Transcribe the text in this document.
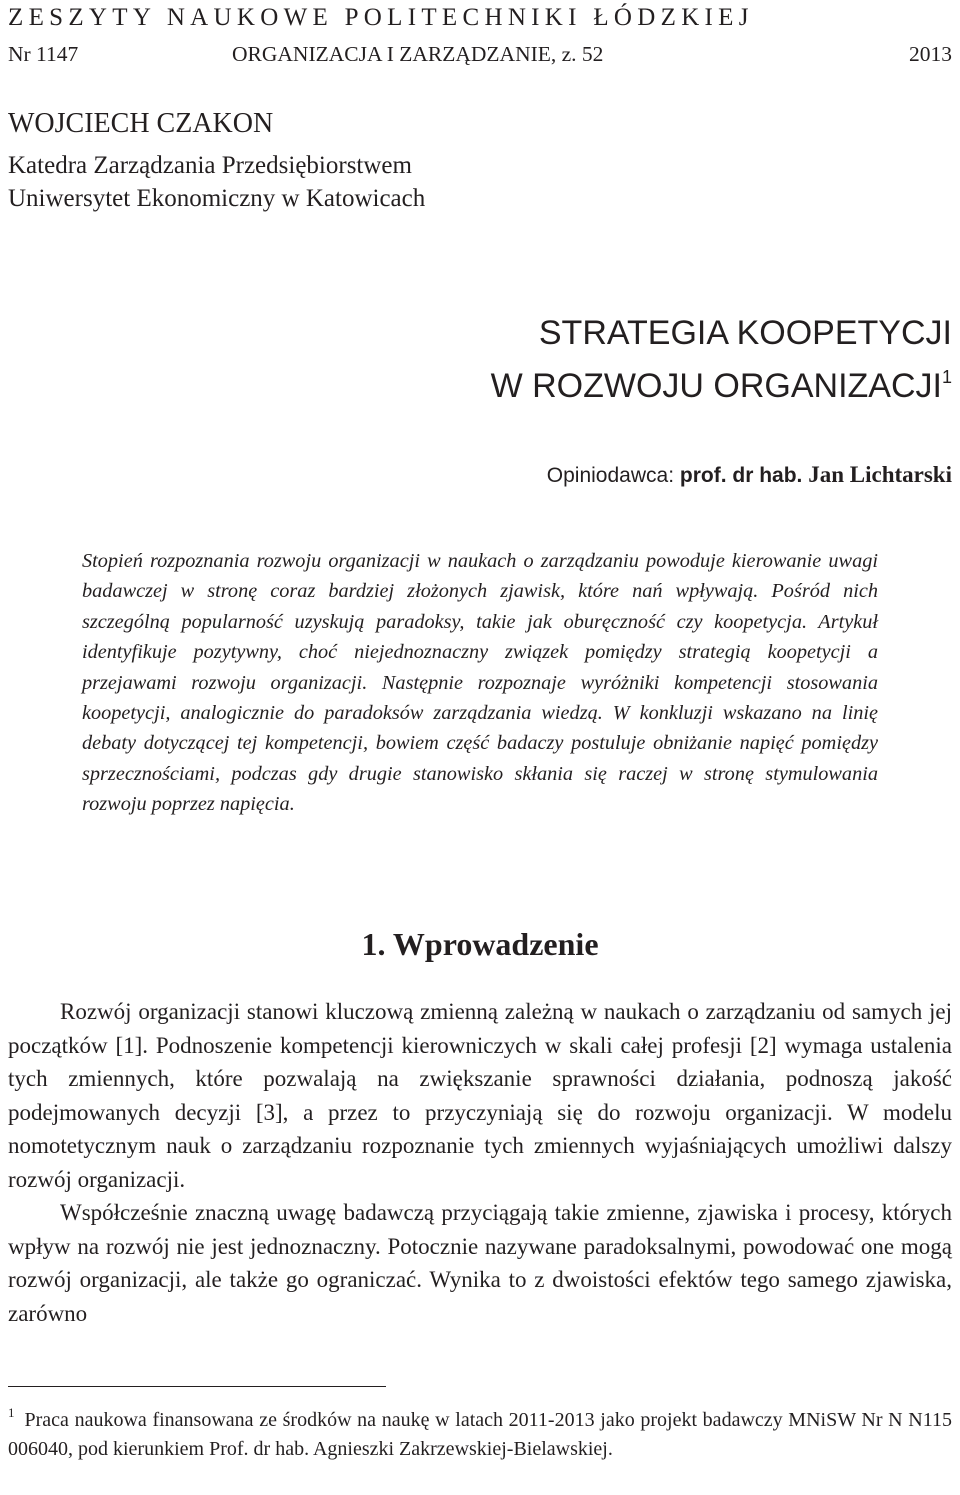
ZESZYTY NAUKOWE POLITECHNIKI ŁÓDZKIEJ
Nr 1147	ORGANIZACJA I ZARZĄDZANIE, z. 52	2013
WOJCIECH CZAKON
Katedra Zarządzania Przedsiębiorstwem
Uniwersytet Ekonomiczny w Katowicach
STRATEGIA KOOPETYCJI
W ROZWOJU ORGANIZACJI$^1$
Opiniodawca: prof. dr hab. Jan Lichtarski
Stopień rozpoznania rozwoju organizacji w naukach o zarządzaniu powoduje kierowanie uwagi badawczej w stronę coraz bardziej złożonych zjawisk, które nań wpływają. Pośród nich szczególną popularność uzyskują paradoksy, takie jak oburęczność czy koopetycja. Artykuł identyfikuje pozytywny, choć niejednoznaczny związek pomiędzy strategią koopetycji a przejawami rozwoju organizacji. Następnie rozpoznaje wyróżniki kompetencji stosowania koopetycji, analogicznie do paradoksów zarządzania wiedzą. W konkluzji wskazano na linię debaty dotyczącej tej kompetencji, bowiem część badaczy postuluje obniżanie napięć pomiędzy sprzecznościami, podczas gdy drugie stanowisko skłania się raczej w stronę stymulowania rozwoju poprzez napięcia.
1. Wprowadzenie

Rozwój organizacji stanowi kluczową zmienną zależną w naukach o zarządzaniu od samych jej początków [1]. Podnoszenie kompetencji kierowniczych w skali całej profesji [2] wymaga ustalenia tych zmiennych, które pozwalają na zwiększanie sprawności działania, podnoszą jakość podejmowanych decyzji [3], a przez to przyczyniają się do rozwoju organizacji. W modelu nomotetycznym nauk o zarządzaniu rozpoznanie tych zmiennych wyjaśniających umożliwi dalszy rozwój organizacji.

Współcześnie znaczną uwagę badawczą przyciągają takie zmienne, zjawiska i procesy, których wpływ na rozwój nie jest jednoznaczny. Potocznie nazywane paradoksalnymi, powodować one mogą rozwój organizacji, ale także go ograniczać. Wynika to z dwoistości efektów tego samego zjawiska, zarówno

$^1$ Praca naukowa finansowana ze środków na naukę w latach 2011-2013 jako projekt badawczy MNiSW Nr N N115 006040, pod kierunkiem Prof. dr hab. Agnieszki Zakrzewskiej-Bielawskiej.
